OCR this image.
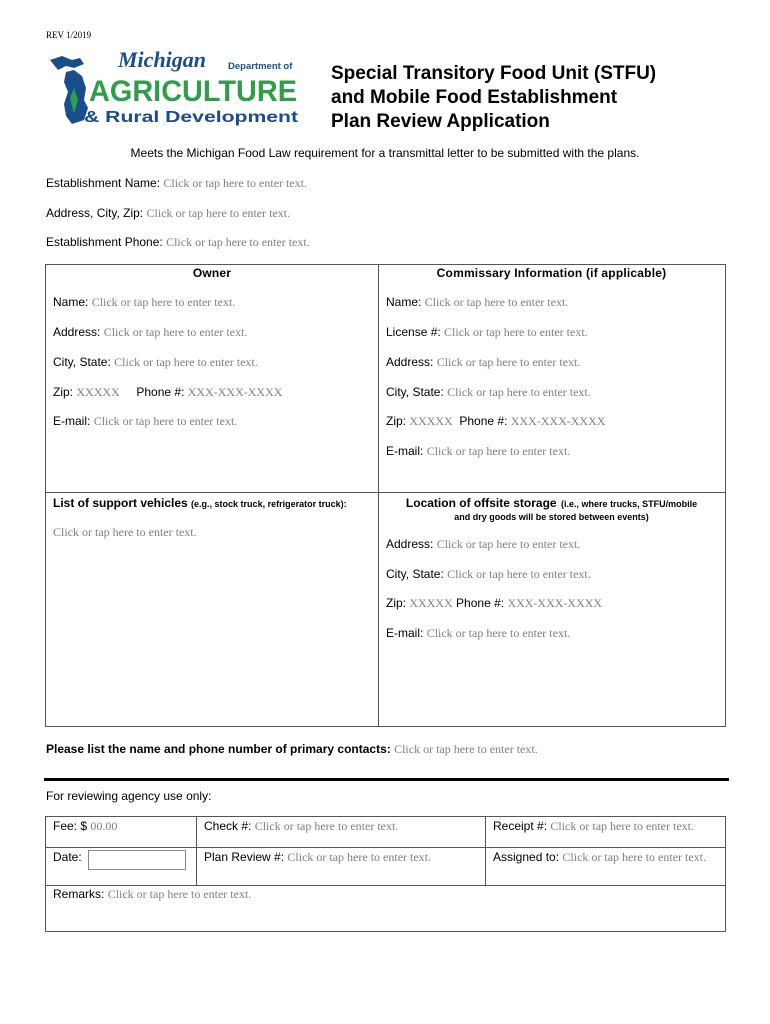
REV 1/2019
Michigan Department of
AGRICULTURE
& Rural Development
Special Transitory Food Unit (STFU)
and Mobile Food Establishment
Plan Review Application
Meets the Michigan Food Law requirement for a transmittal letter to be submitted with the plans.
Establishment Name: Click or tap here to enter text.
Address, City, Zip: Click or tap here to enter text.
Establishment Phone: Click or tap here to enter text.
Owner
Name: Click or tap here to enter text.
Address: Click or tap here to enter text.
City, State: Click or tap here to enter text.
Zip: XXXXX Phone #: XXX-XXX-XXXX
E-mail: Click or tap here to enter text.
Commissary Information (if applicable)
Name: Click or tap here to enter text.
License #: Click or tap here to enter text.
Address: Click or tap here to enter text.
City, State: Click or tap here to enter text.
Zip: XXXXX Phone #: XXX-XXX-XXXX
E-mail: Click or tap here to enter text.
List of support vehicles (e.g., stock truck, refrigerator truck):
Click or tap here to enter text.
Location of offsite storage (i.e., where trucks, STFU/mobile
and dry goods will be stored between events)
Address: Click or tap here to enter text.
City, State: Click or tap here to enter text.
Zip: XXXXX Phone #: XXX-XXX-XXXX
E-mail: Click or tap here to enter text.
Please list the name and phone number of primary contacts: Click or tap here to enter text.
For reviewing agency use only:
Fee: $ 00.00	Check #: Click or tap here to enter text.	Receipt #: Click or tap here to enter text.
Date:	Plan Review #: Click or tap here to enter text.	Assigned to: Click or tap here to enter text.
Remarks: Click or tap here to enter text.
